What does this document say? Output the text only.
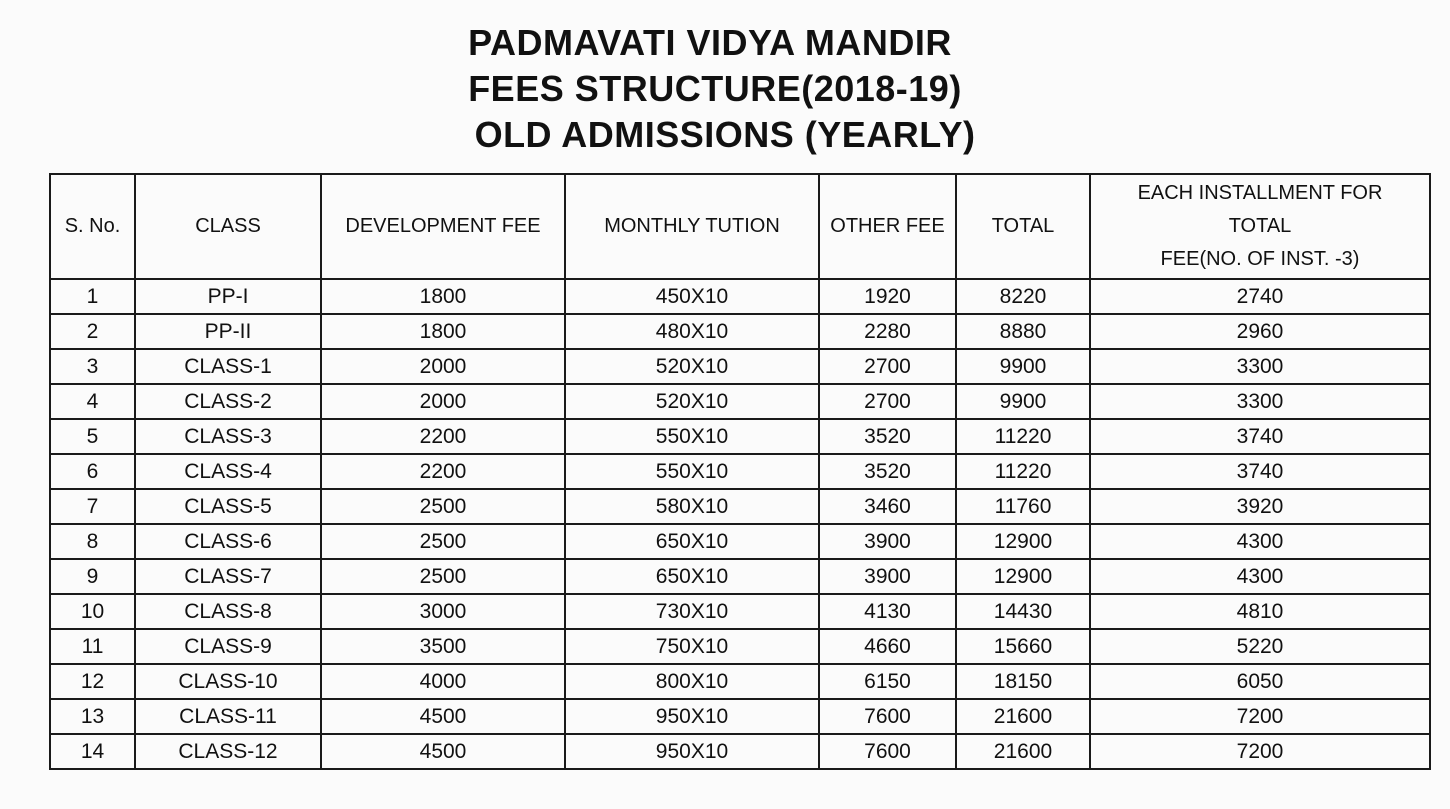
PADMAVATI VIDYA MANDIR
FEES STRUCTURE(2018-19)
OLD ADMISSIONS (YEARLY)
S. No.	CLASS	DEVELOPMENT FEE	MONTHLY TUTION	OTHER FEE	TOTAL	EACH INSTALLMENT FOR
TOTAL
FEE(NO. OF INST. -3)

1	PP-I	1800	450X10	1920	8220	2740
2	PP-II	1800	480X10	2280	8880	2960
3	CLASS-1	2000	520X10	2700	9900	3300
4	CLASS-2	2000	520X10	2700	9900	3300
5	CLASS-3	2200	550X10	3520	11220	3740
6	CLASS-4	2200	550X10	3520	11220	3740
7	CLASS-5	2500	580X10	3460	11760	3920
8	CLASS-6	2500	650X10	3900	12900	4300
9	CLASS-7	2500	650X10	3900	12900	4300
10	CLASS-8	3000	730X10	4130	14430	4810
11	CLASS-9	3500	750X10	4660	15660	5220
12	CLASS-10	4000	800X10	6150	18150	6050
13	CLASS-11	4500	950X10	7600	21600	7200
14	CLASS-12	4500	950X10	7600	21600	7200
